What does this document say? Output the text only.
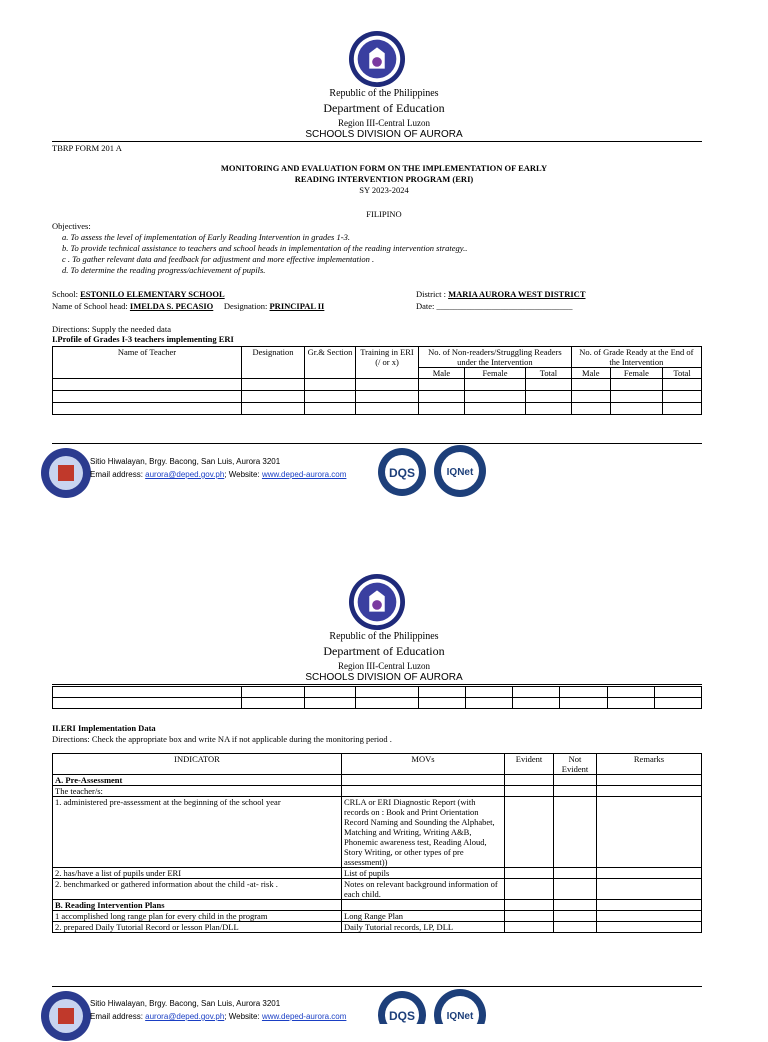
Republic of the Philippines
Department of Education
Region III-Central Luzon
SCHOOLS DIVISION OF AURORA
TBRP FORM 201 A
MONITORING AND EVALUATION FORM ON THE IMPLEMENTATION OF EARLY
READING INTERVENTION PROGRAM (ERI)
SY 2023-2024
FILIPINO
Objectives:
a. To assess the level of implementation of Early Reading Intervention in grades 1-3.
b. To provide technical assistance to teachers and school heads in implementation of the reading intervention strategy..
c . To gather relevant data and feedback for adjustment and more effective implementation .
d. To determine the reading progress/achievement of pupils.
School: ESTONILO ELEMENTARY SCHOOL
Name of School head: IMELDA S. PECASIO Designation: PRINCIPAL II
District : MARIA AURORA WEST DISTRICT
Date: ________________________________
Directions: Supply the needed data
I.Profile of Grades I-3 teachers implementing ERI
Name of Teacher	Designation	Gr.& Section	Training in ERI (/ or x)	No. of Non-readers/Struggling Readers under the Intervention			No. of Grade Ready at the End of the Intervention		
				Male	Female	Total	Male	Female	Total

Sitio Hiwalayan, Brgy. Bacong, San Luis, Aurora 3201
Email address: aurora@deped.gov.ph; Website: www.deped-aurora.com	DQS	IQNet
Republic of the Philippines
Department of Education
Region III-Central Luzon
SCHOOLS DIVISION OF AURORA

II.ERI Implementation Data
Directions: Check the appropriate box and write NA if not applicable during the monitoring period .
INDICATOR	MOVs	Evident	Not Evident	Remarks
A. Pre-Assessment				
The teacher/s:				
1. administered pre-assessment at the beginning of the school year	CRLA or ERI Diagnostic Report (with records on : Book and Print Orientation Record Naming and Sounding the Alphabet, Matching and Writing, Writing A&B, Phonemic awareness test, Reading Aloud, Story Writing, or other types of pre assessment))			
2. has/have a list of pupils under ERI	List of pupils			
2. benchmarked or gathered information about the child -at- risk .	Notes on relevant background information of each child.			
B. Reading Intervention Plans				
1 accomplished long range plan for every child in the program	Long Range Plan			
2. prepared Daily Tutorial Record or lesson Plan/DLL	Daily Tutorial records, LP, DLL			
Sitio Hiwalayan, Brgy. Bacong, San Luis, Aurora 3201
Email address: aurora@deped.gov.ph; Website: www.deped-aurora.com	DQS	IQNet
